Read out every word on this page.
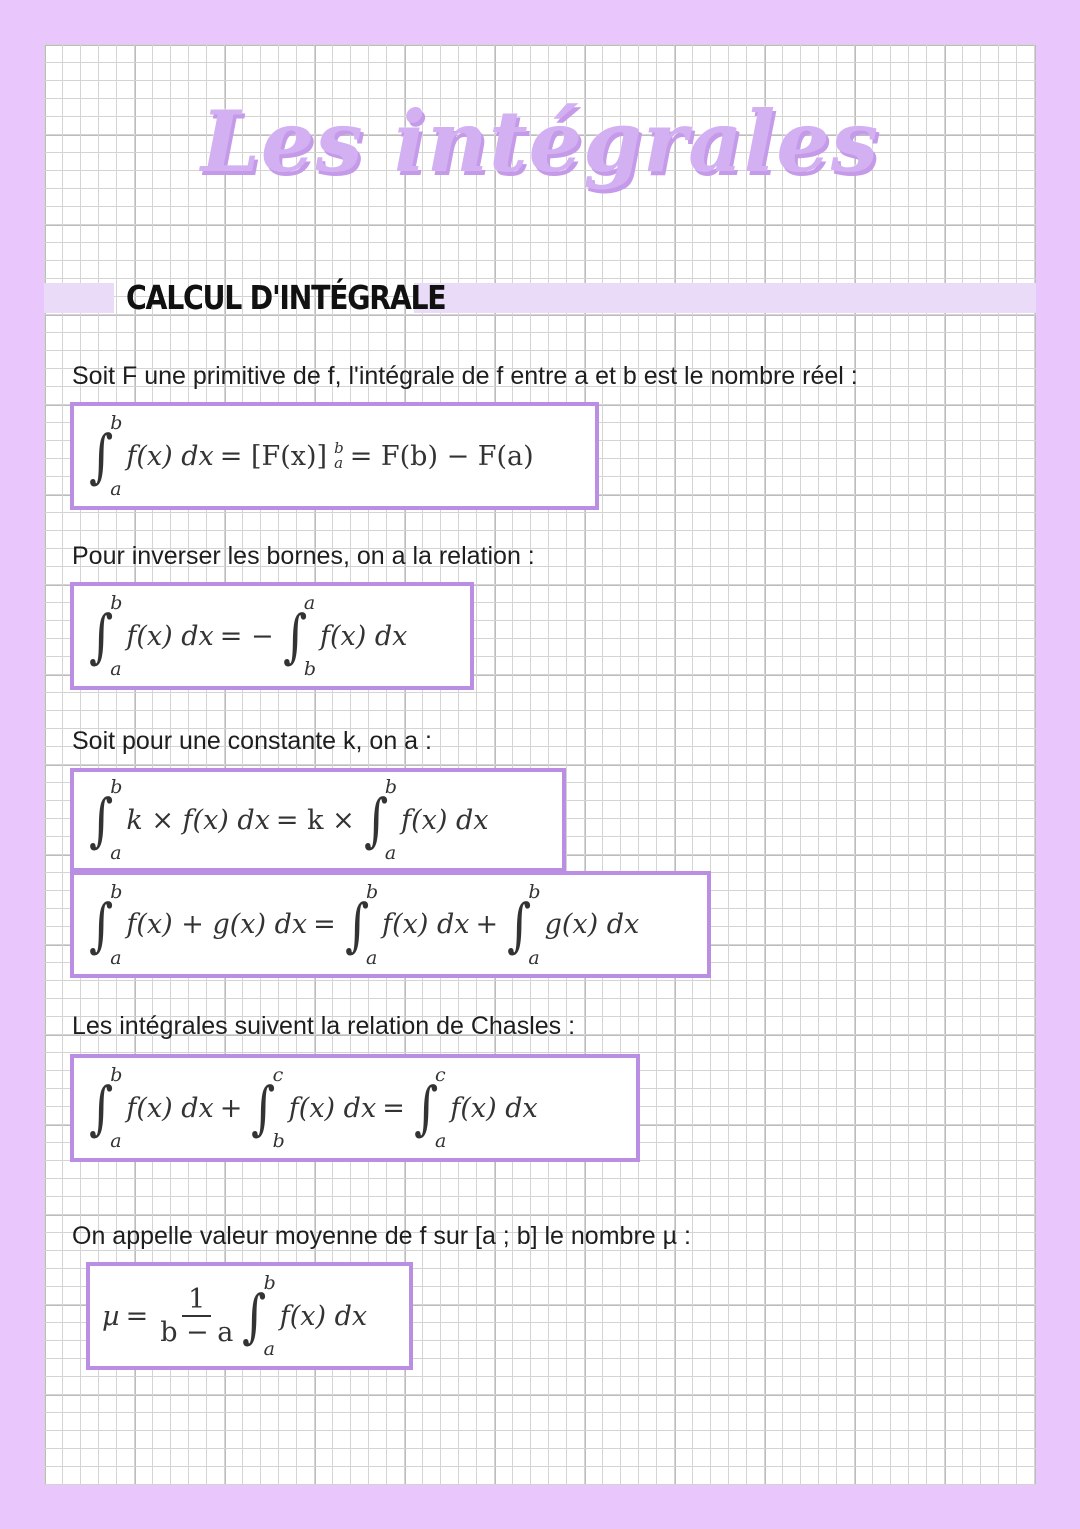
Les intégrales
CALCUL D'INTÉGRALE
Soit F une primitive de f, l'intégrale de f entre a et b est le nombre réel :
∫
b
a
f(x) dx = [F(x)] b
a = F(b) − F(a)
Pour inverser les bornes, on a la relation :
∫
b
a
f(x) dx = − ∫
a
b
f(x) dx
Soit pour une constante k, on a :
∫
b
a
k × f(x) dx = k × ∫
b
a
f(x) dx
∫
b
a
f(x) + g(x) dx = ∫
b
a
f(x) dx + ∫
b
a
g(x) dx
Les intégrales suivent la relation de Chasles :
∫
b
a
f(x) dx + ∫
c
b
f(x) dx = ∫
c
a
f(x) dx
On appelle valeur moyenne de f sur [a ; b] le nombre µ :
$\mu = \frac{1}{b - a}$ ∫
b
a
f(x) dx
